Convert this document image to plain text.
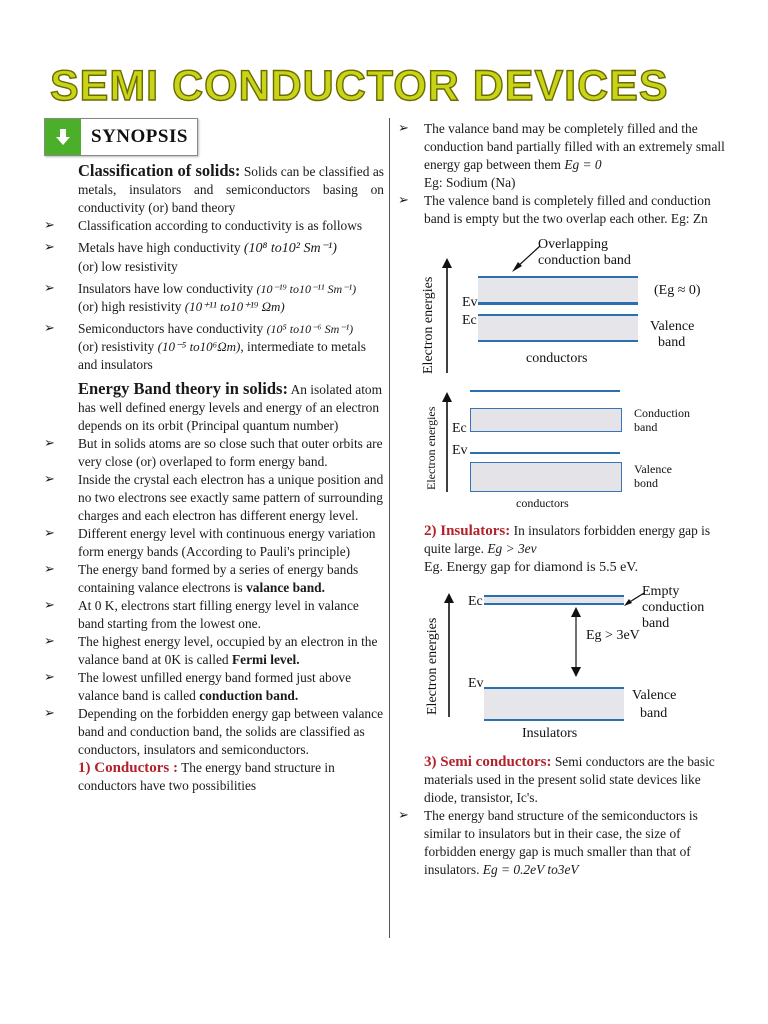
SEMI CONDUCTOR DEVICES
SYNOPSIS

Classification of solids: Solids can be classified as metals, insulators and semiconductors basing on conductivity (or) band theory

➢ Classification according to conductivity is as follows

➢ Metals have high conductivity (10⁸ to10² Sm⁻¹)
(or) low resistivity

➢ Insulators have low conductivity (10⁻¹⁹ to10⁻¹¹ Sm⁻¹)
(or) high resistivity (10⁺¹¹ to10⁺¹⁹ Ωm)

➢ Semiconductors have conductivity (10⁵ to10⁻⁶ Sm⁻¹)
(or) resistivity (10⁻⁵ to10⁶Ωm), intermediate to metals and insulators

Energy Band theory in solids: An isolated atom has well defined energy levels and energy of an electron depends on its orbit (Principal quantum number)

➢ But in solids atoms are so close such that outer orbits are very close (or) overlaped to form energy band.

➢ Inside the crystal each electron has a unique position and no two electrons see exactly same pattern of surrounding charges and each electron has different energy level.

➢ Different energy level with continuous energy variation form energy bands (According to Pauli's principle)

➢ The energy band formed by a series of energy bands containing valance electrons is valance band.

➢ At 0 K, electrons start filling energy level in valance band starting from the lowest one.

➢ The highest energy level, occupied by an electron in the valance band at 0K is called Fermi level.

➢ The lowest unfilled energy band formed just above valance band is called conduction band.

➢ Depending on the forbidden energy gap between valance band and conduction band, the solids are classified as conductors, insulators and semiconductors.

1) Conductors : The energy band structure in conductors have two possibilities

➢ The valance band may be completely filled and the conduction band partially filled with an extremely small energy gap between them Eg = 0
Eg: Sodium (Na)

➢ The valence band is completely filled and conduction band is empty but the two overlap each other. Eg: Zn

Overlapping
conduction band
Electron energies	(Eg ≈ 0)
Ev
Ec	Valence
band
conductors
Electron energies	Conduction
band
Ec
Ev
Valence
bond
conductors

2) Insulators: In insulators forbidden energy gap is quite large. Eg > 3ev
Eg. Energy gap for diamond is 5.5 eV.

Empty
conduction
band
Electron energies
Ec
Eg > 3eV
Ev
Valence
band
Insulators

3) Semi conductors: Semi conductors are the basic materials used in the present solid state devices like diode, transistor, Ic's.

➢ The energy band structure of the semiconductors is similar to insulators but in their case, the size of forbidden energy gap is much smaller than that of insulators. Eg = 0.2eV to3eV
